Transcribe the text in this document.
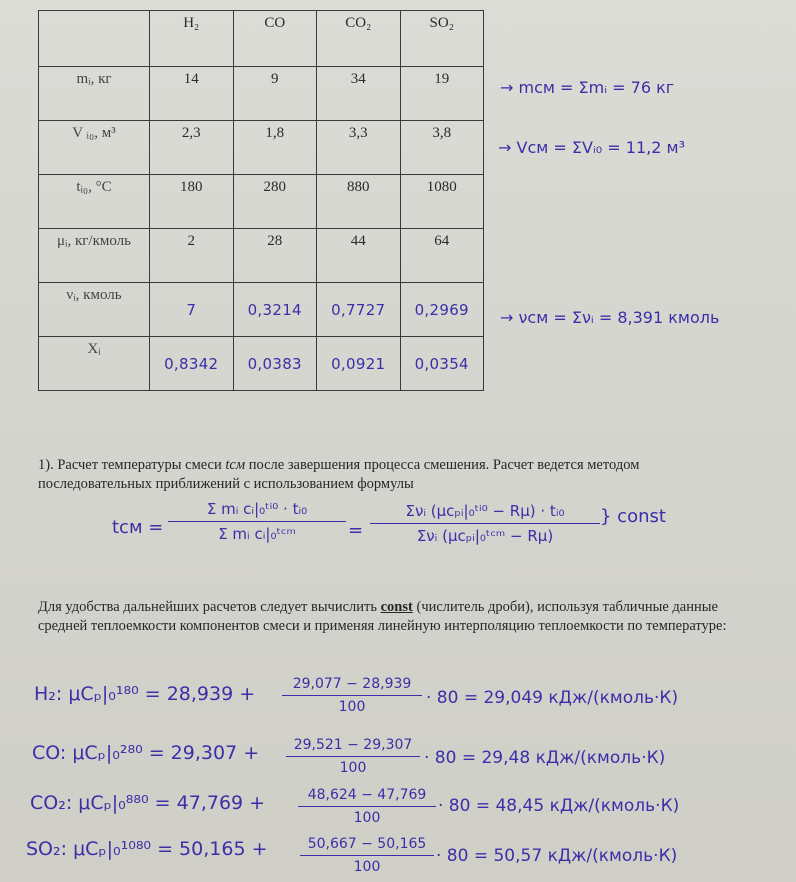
	H₂	CO	CO₂	SO₂
mᵢ, кг	14	9	34	19
V ᵢ₀, м³	2,3	1,8	3,3	3,8
tᵢ₀, °C	180	280	880	1080
μᵢ, кг/кмоль	2	28	44	64
νᵢ, кмоль	7	0,3214	0,7727	0,2969

Xᵢ	0,8342	0,0383	0,0921	0,0354
→ mсм = Σmᵢ = 76 кг
→ Vсм = ΣVᵢ₀ = 11,2 м³
→ νсм = Σνᵢ = 8,391 кмоль
1). Расчет температуры смеси tсм после завершения процесса смешения. Расчет ведется методом последовательных приближений с использованием формулы
tсм =
Σ mᵢ cᵢ|₀ᵗⁱ⁰ · tᵢ₀
Σ mᵢ cᵢ|₀ᵗᶜᵐ	=
Σνᵢ (μcₚᵢ|₀ᵗⁱ⁰ − Rμ) · tᵢ₀
Σνᵢ (μcₚᵢ|₀ᵗᶜᵐ − Rμ)
} const
Для удобства дальнейших расчетов следует вычислить const (числитель дроби), используя табличные данные средней теплоемкости компонентов смеси и применяя линейную интерполяцию теплоемкости по температуре:
H₂: μCₚ|₀¹⁸⁰ = 28,939 +	29,077 − 28,939
100	· 80 = 29,049 кДж/(кмоль·К)
CO: μCₚ|₀²⁸⁰ = 29,307 +	29,521 − 29,307
100	· 80 = 29,48 кДж/(кмоль·К)
CO₂: μCₚ|₀⁸⁸⁰ = 47,769 +	48,624 − 47,769
100
· 80 = 48,45 кДж/(кмоль·К)
SO₂: μCₚ|₀¹⁰⁸⁰ = 50,165 +	50,667 − 50,165
100
· 80 = 50,57 кДж/(кмоль·К)
